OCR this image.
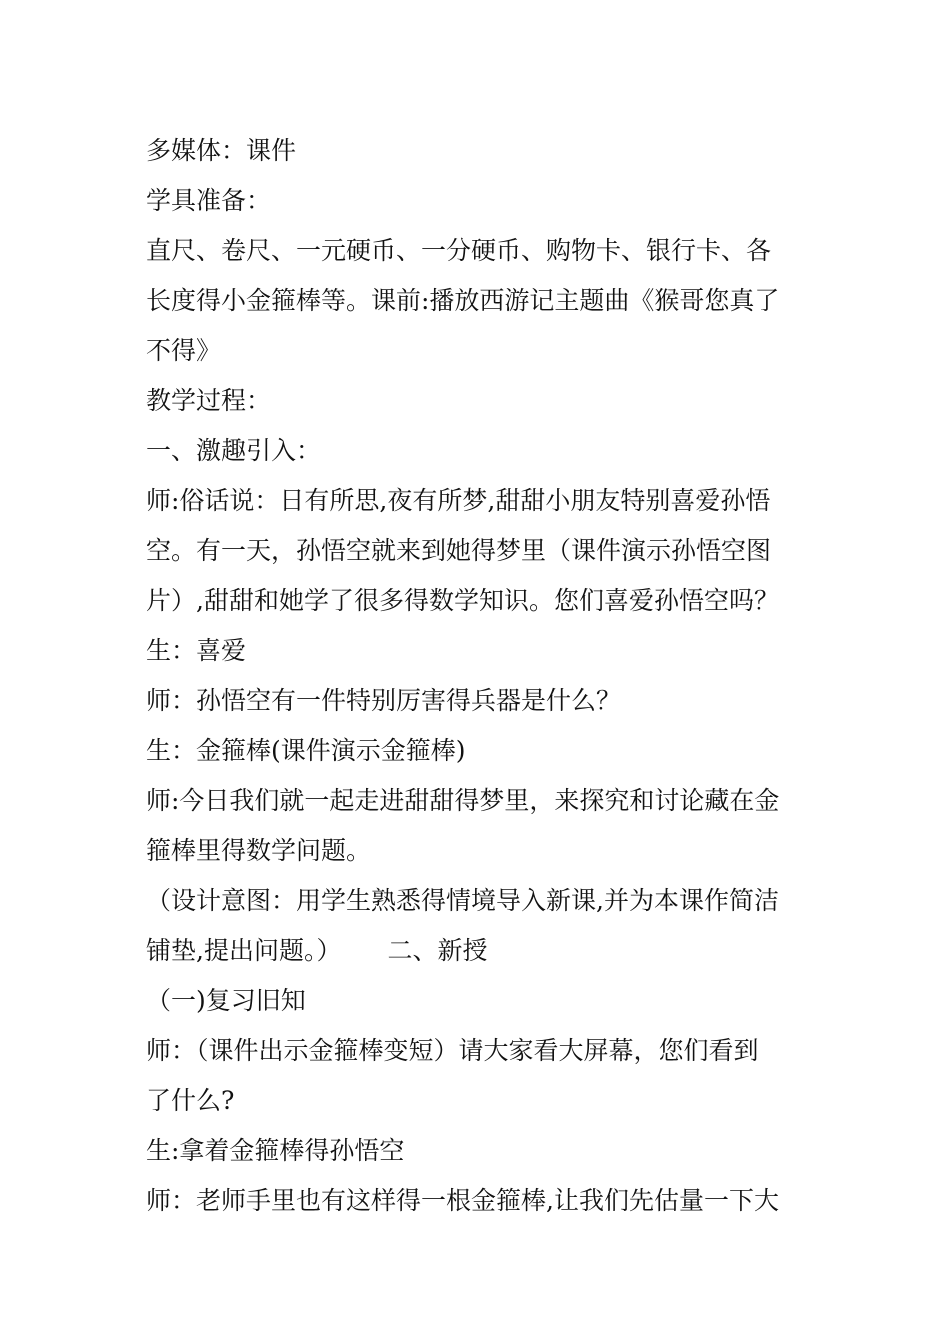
多媒体：课件
学具准备：
直尺、卷尺、一元硬币、一分硬币、购物卡、银行卡、各
长度得小金箍棒等。课前:播放西游记主题曲《猴哥您真了
不得》
教学过程：
一、激趣引入：
师:俗话说：日有所思,夜有所梦,甜甜小朋友特别喜爱孙悟
空。有一天，孙悟空就来到她得梦里（课件演示孙悟空图
片）,甜甜和她学了很多得数学知识。您们喜爱孙悟空吗？
生：喜爱
师：孙悟空有一件特别厉害得兵器是什么？
生：金箍棒(课件演示金箍棒)
师:今日我们就一起走进甜甜得梦里，来探究和讨论藏在金
箍棒里得数学问题。
（设计意图：用学生熟悉得情境导入新课,并为本课作简洁
铺垫,提出问题。） 二、新授
（一)复习旧知
师：（课件出示金箍棒变短）请大家看大屏幕，您们看到
了什么?
生:拿着金箍棒得孙悟空
师：老师手里也有这样得一根金箍棒,让我们先估量一下大
